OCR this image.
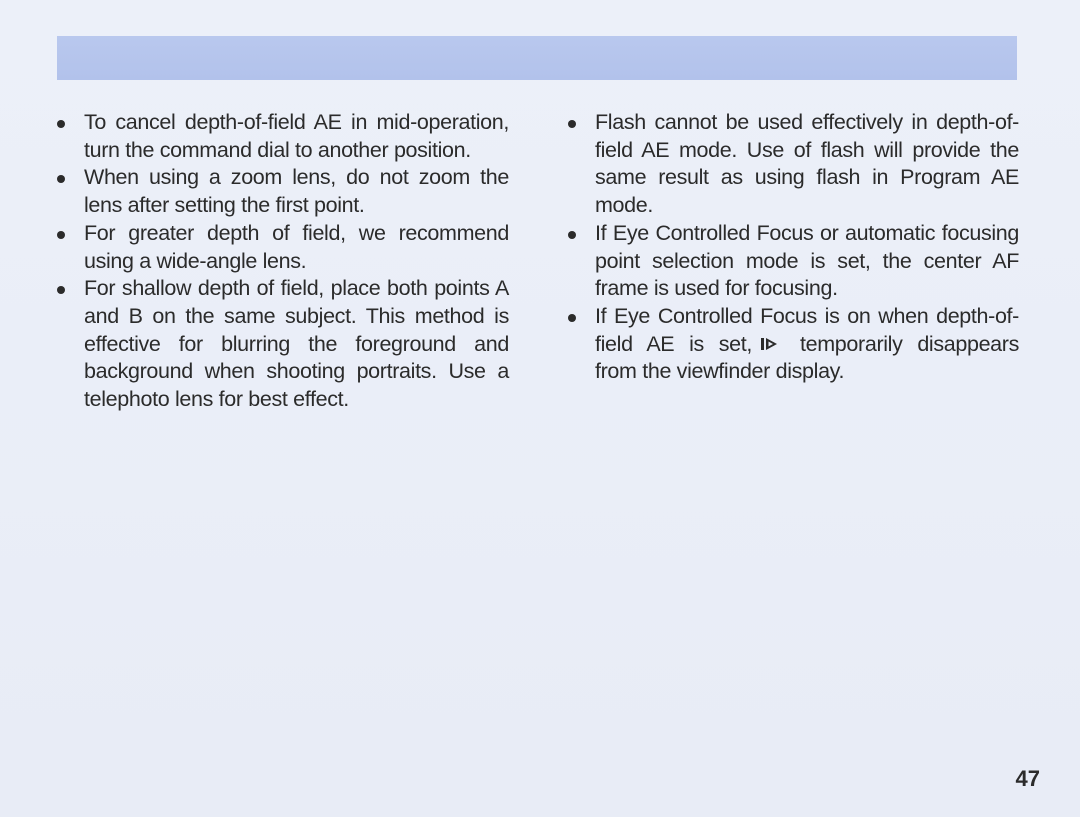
To cancel depth-of-field AE in mid-operation, turn the command dial to another position.
When using a zoom lens, do not zoom the lens after setting the first point.
For greater depth of field, we recommend using a wide-angle lens.
For shallow depth of field, place both points A and B on the same subject. This method is effective for blurring the foreground and background when shooting portraits. Use a telephoto lens for best effect.
Flash cannot be used effectively in depth-of-field AE mode. Use of flash will provide the same result as using flash in Program AE mode.
If Eye Controlled Focus or automatic focusing point selection mode is set, the center AF frame is used for focusing.
If Eye Controlled Focus is on when depth-of-field AE is set, temporarily disappears from the viewfinder display.
47
